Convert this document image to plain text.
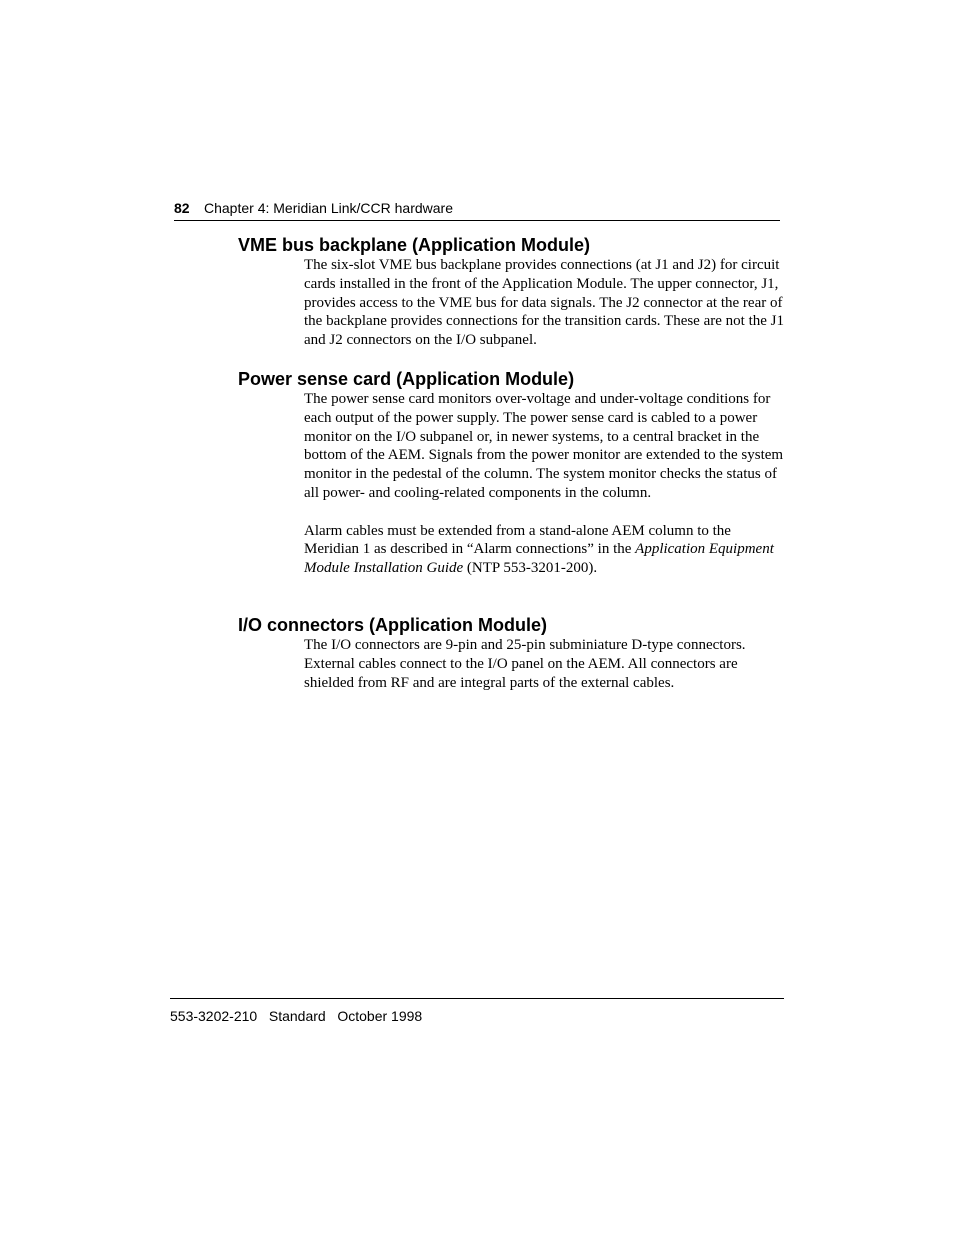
82 Chapter 4: Meridian Link/CCR hardware
VME bus backplane (Application Module)

The six-slot VME bus backplane provides connections (at J1 and J2) for circuit cards installed in the front of the Application Module. The upper connector, J1, provides access to the VME bus for data signals. The J2 connector at the rear of the backplane provides connections for the transition cards. These are not the J1 and J2 connectors on the I/O subpanel.

Power sense card (Application Module)

The power sense card monitors over-voltage and under-voltage conditions for each output of the power supply. The power sense card is cabled to a power monitor on the I/O subpanel or, in newer systems, to a central bracket in the bottom of the AEM. Signals from the power monitor are extended to the system monitor in the pedestal of the column. The system monitor checks the status of all power- and cooling-related components in the column.

Alarm cables must be extended from a stand-alone AEM column to the Meridian 1 as described in “Alarm connections” in the Application Equipment Module Installation Guide (NTP 553-3201-200).

I/O connectors (Application Module)

The I/O connectors are 9-pin and 25-pin subminiature D-type connectors. External cables connect to the I/O panel on the AEM. All connectors are shielded from RF and are integral parts of the external cables.

553-3202-210   Standard   October 1998
